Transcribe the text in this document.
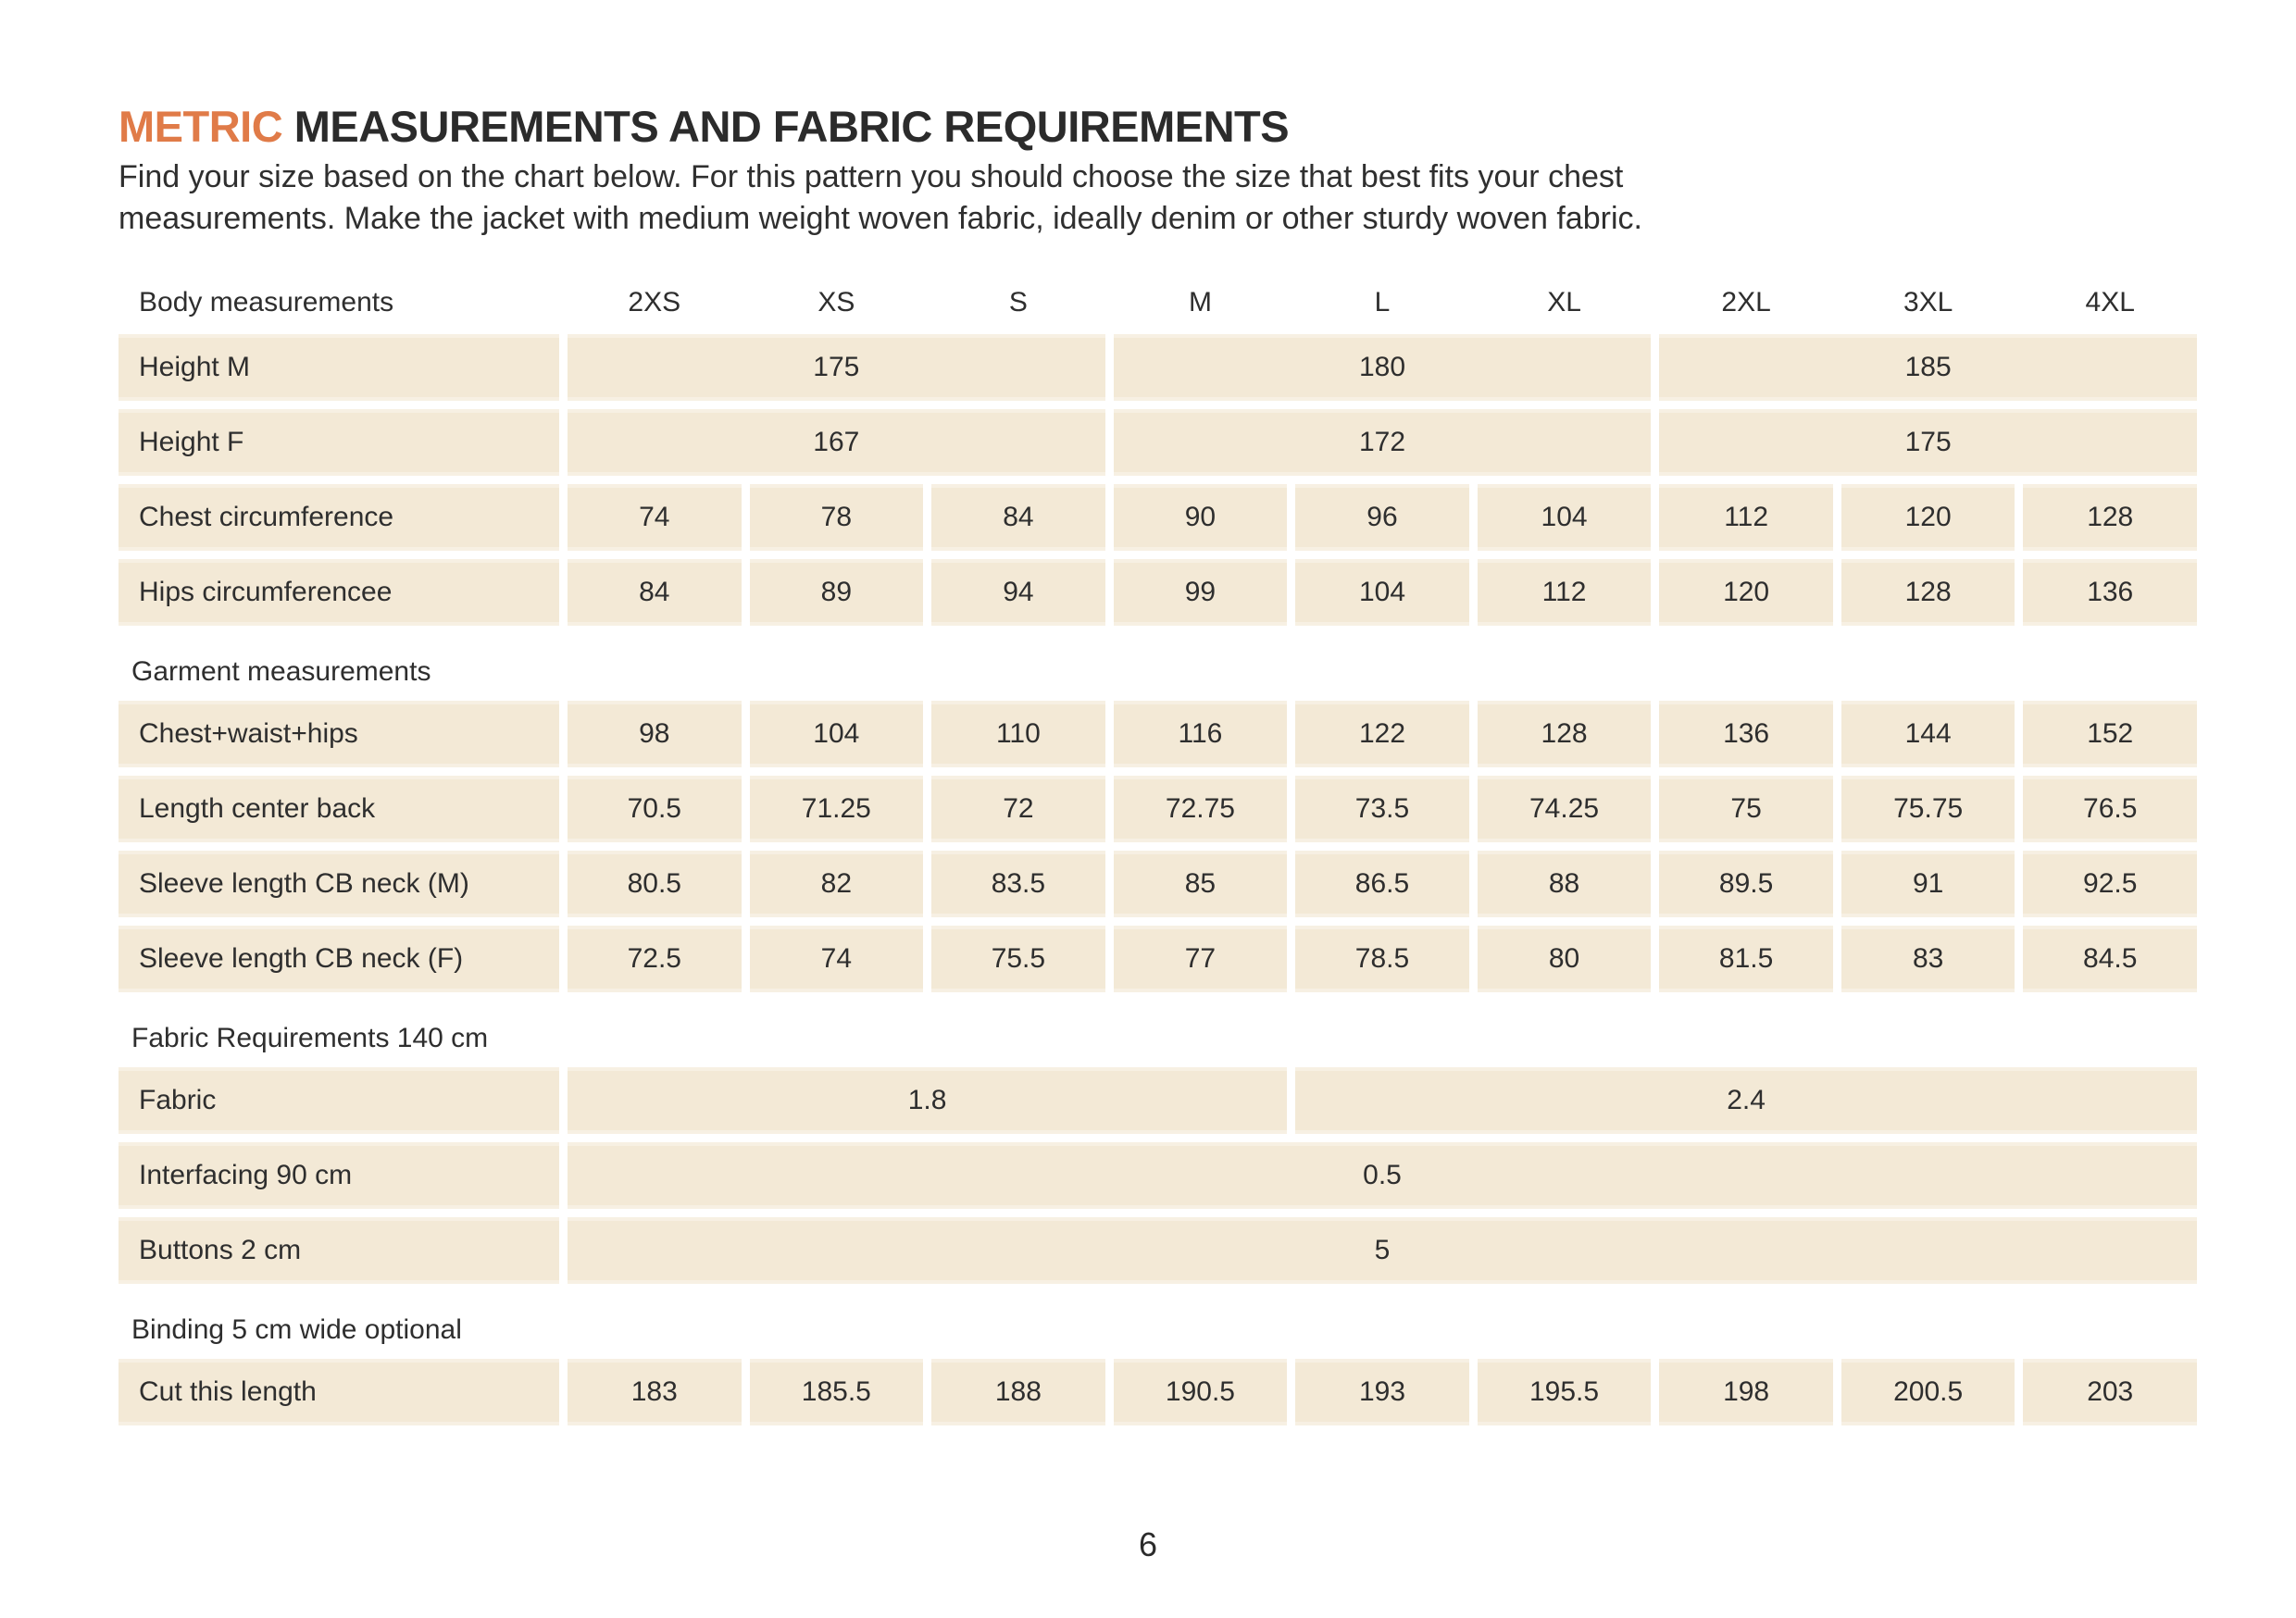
METRIC MEASUREMENTS AND FABRIC REQUIREMENTS
Find your size based on the chart below. For this pattern you should choose the size that best fits your chest
measurements. Make the jacket with medium weight woven fabric, ideally denim or other sturdy woven fabric.
Body measurements	2XS	XS	S	M	L	XL	2XL	3XL	4XL
Height M	175	180	185
Height F	167	172	175
Chest circumference	74	78	84	90	96	104	112	120	128
Hips circumferencee	84	89	94	99	104	112	120	128	136
Garment measurements
Chest+waist+hips	98	104	110	116	122	128	136	144	152
Length center back	70.5	71.25	72	72.75	73.5	74.25	75	75.75	76.5
Sleeve length CB neck (M)	80.5	82	83.5	85	86.5	88	89.5	91	92.5
Sleeve length CB neck (F)	72.5	74	75.5	77	78.5	80	81.5	83	84.5
Fabric Requirements 140 cm
Fabric	1.8	2.4
Interfacing 90 cm	0.5
Buttons 2 cm	5
Binding 5 cm wide optional
Cut this length	183	185.5	188	190.5	193	195.5	198	200.5	203
6
